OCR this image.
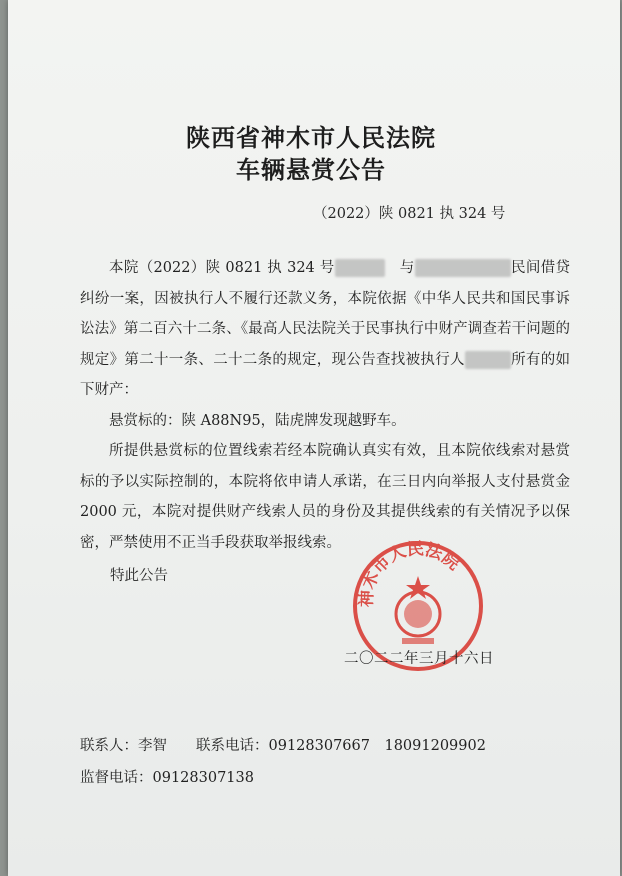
陕西省神木市人民法院
车辆悬赏公告
（2022）陕 0821 执 324 号

本院（2022）陕 0821 执 324 号　	与	民间借贷纠纷一案，因被执行人不履行还款义务，本院依据《中华人民共和国民事诉讼法》第二百六十二条、《最高人民法院关于民事执行中财产调查若干问题的规定》第二十一条、二十二条的规定，现公告查找被执行人	所有的如下财产：

悬赏标的：陕 A88N95，陆虎牌发现越野车。

所提供悬赏标的位置线索若经本院确认真实有效，且本院依线索对悬赏标的予以实际控制的，本院将依申请人承诺，在三日内向举报人支付悬赏金 2000 元，本院对提供财产线索人员的身份及其提供线索的有关情况予以保密，严禁使用不正当手段获取举报线索。

特此公告
神木市人民法院
二〇二二年三月十六日
联系人：李智　　联系电话：09128307667　18091209902
监督电话：09128307138
